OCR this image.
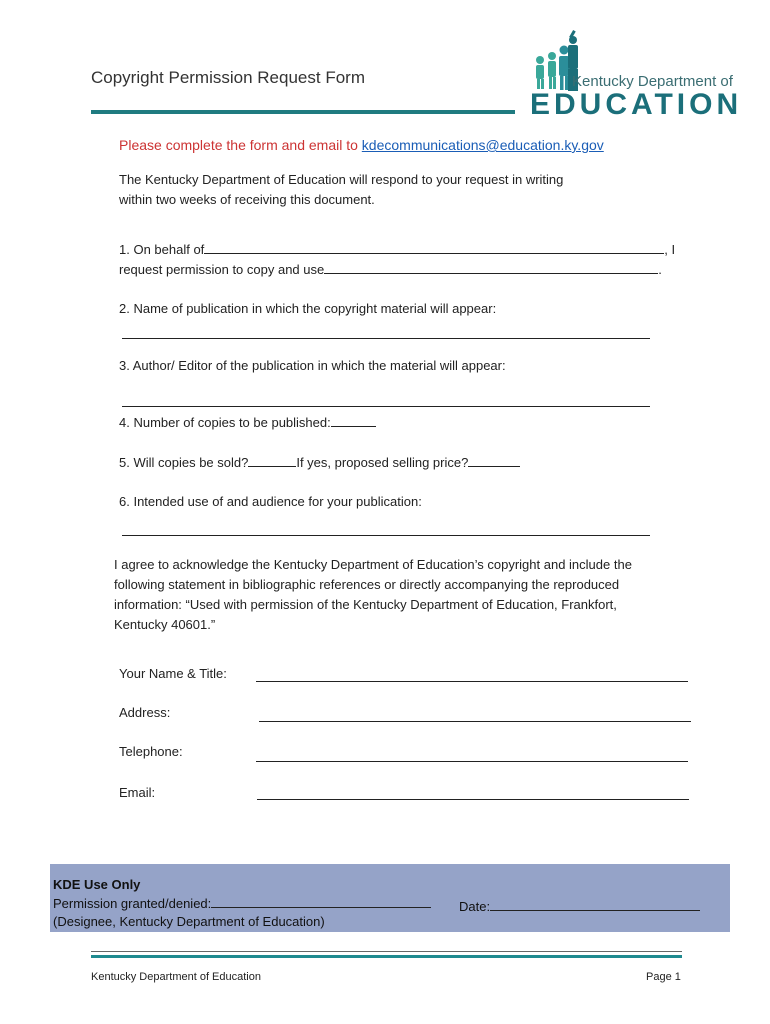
Copyright Permission Request Form	Kentucky Department of
EDUCATION
Please complete the form and email to kdecommunications@education.ky.gov
The Kentucky Department of Education will respond to your request in writing
within two weeks of receiving this document.
1. On behalf of	, I
request permission to copy and use	.
2. Name of publication in which the copyright material will appear:
3. Author/ Editor of the publication in which the material will appear:
4. Number of copies to be published:
5. Will copies be sold?	If yes, proposed selling price?
6. Intended use of and audience for your publication:
I agree to acknowledge the Kentucky Department of Education’s copyright and include the
following statement in bibliographic references or directly accompanying the reproduced
information: “Used with permission of the Kentucky Department of Education, Frankfort,
Kentucky 40601.”
Your Name & Title:
Address:
Telephone:
Email:
KDE Use Only
Permission granted/denied:
(Designee, Kentucky Department of Education)
Date:
Kentucky Department of Education	Page 1
